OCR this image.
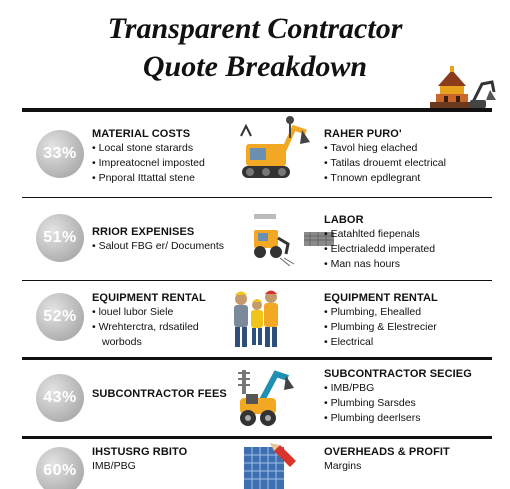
Transparent Contractor
Quote Breakdown
33%
MATERIAL COSTS
• Local stone starards
• Impreatocnel imposted
• Pnporal Ittattal stene
RAHER PURO'
• Tavol hieg elached
• Tatilas drouemt electrical
• Tnnown epdlegrant
51%	RRIOR EXPENISES
• Salout FBG er/ Documents
LABOR
• Eatahlted fiepenals
• Electrialedd imperated
• Man nas hours
52%
EQUIPMENT RENTAL
• louel lubor Siele
• Wrehterctra, rdsatiled
worbods
EQUIPMENT RENTAL
• Plumbing, Ehealled
• Plumbing & Elestrecier
• Electrical
43%	SUBCONTRACTOR FEES
SUBCONTRACTOR SECIEG
• IMB/PBG
• Plumbing Sarsdes
• Plumbing deerlsers
60%
IHSTUSRG RBITO
IMB/PBG
OVERHEADS & PROFIT
Margins
